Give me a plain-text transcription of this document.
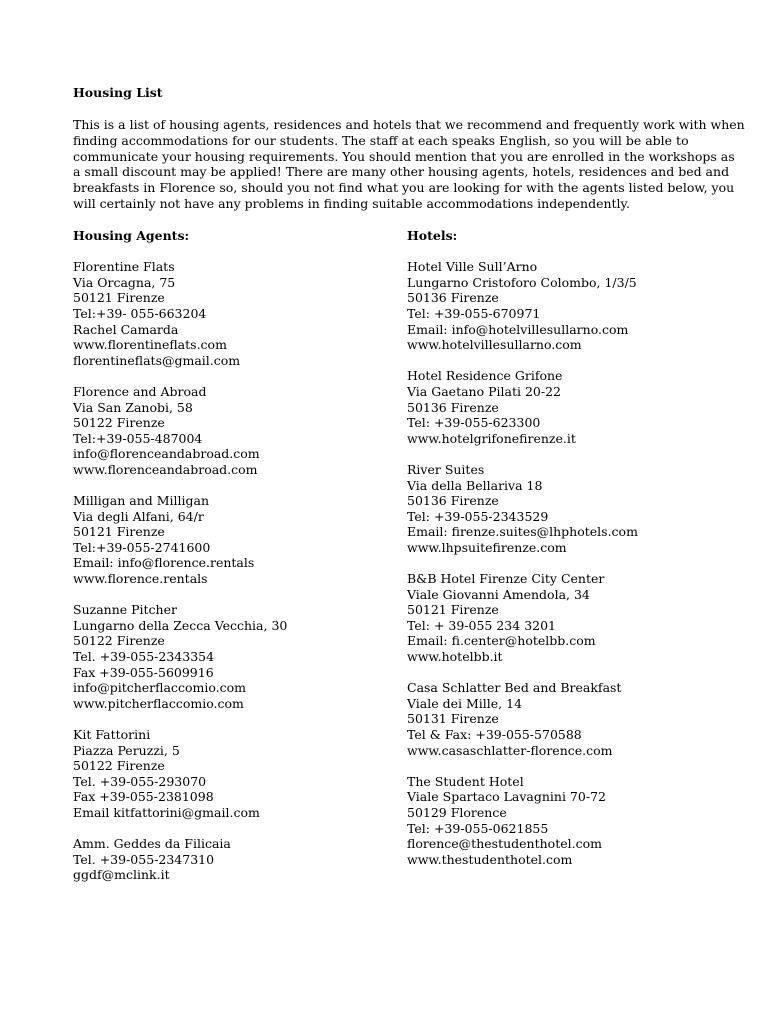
Housing List
This is a list of housing agents, residences and hotels that we recommend and frequently work with when
finding accommodations for our students. The staff at each speaks English, so you will be able to
communicate your housing requirements. You should mention that you are enrolled in the workshops as
a small discount may be applied! There are many other housing agents, hotels, residences and bed and
breakfasts in Florence so, should you not find what you are looking for with the agents listed below, you
will certainly not have any problems in finding suitable accommodations independently.
Housing Agents:
Florentine Flats
Via Orcagna, 75
50121 Firenze
Tel:+39- 055-663204
Rachel Camarda
www.florentineflats.com
florentineflats@gmail.com
Florence and Abroad
Via San Zanobi, 58
50122 Firenze
Tel:+39-055-487004
info@florenceandabroad.com
www.florenceandabroad.com
Milligan and Milligan
Via degli Alfani, 64/r
50121 Firenze
Tel:+39-055-2741600
Email: info@florence.rentals
www.florence.rentals
Suzanne Pitcher
Lungarno della Zecca Vecchia, 30
50122 Firenze
Tel. +39-055-2343354
Fax +39-055-5609916
info@pitcherflaccomio.com
www.pitcherflaccomio.com
Kit Fattorini
Piazza Peruzzi, 5
50122 Firenze
Tel. +39-055-293070
Fax +39-055-2381098
Email kitfattorini@gmail.com
Amm. Geddes da Filicaia
Tel. +39-055-2347310
ggdf@mclink.it
Hotels:
Hotel Ville Sull’Arno
Lungarno Cristoforo Colombo, 1/3/5
50136 Firenze
Tel: +39-055-670971
Email: info@hotelvillesullarno.com
www.hotelvillesullarno.com
Hotel Residence Grifone
Via Gaetano Pilati 20-22
50136 Firenze
Tel: +39-055-623300
www.hotelgrifonefirenze.it
River Suites
Via della Bellariva 18
50136 Firenze
Tel: +39-055-2343529
Email: firenze.suites@lhphotels.com
www.lhpsuitefirenze.com
B&B Hotel Firenze City Center
Viale Giovanni Amendola, 34
50121 Firenze
Tel: + 39-055 234 3201
Email: fi.center@hotelbb.com
www.hotelbb.it
Casa Schlatter Bed and Breakfast
Viale dei Mille, 14
50131 Firenze
Tel & Fax: +39-055-570588
www.casaschlatter-florence.com
The Student Hotel
Viale Spartaco Lavagnini 70-72
50129 Florence
Tel: +39-055-0621855
florence@thestudenthotel.com
www.thestudenthotel.com
